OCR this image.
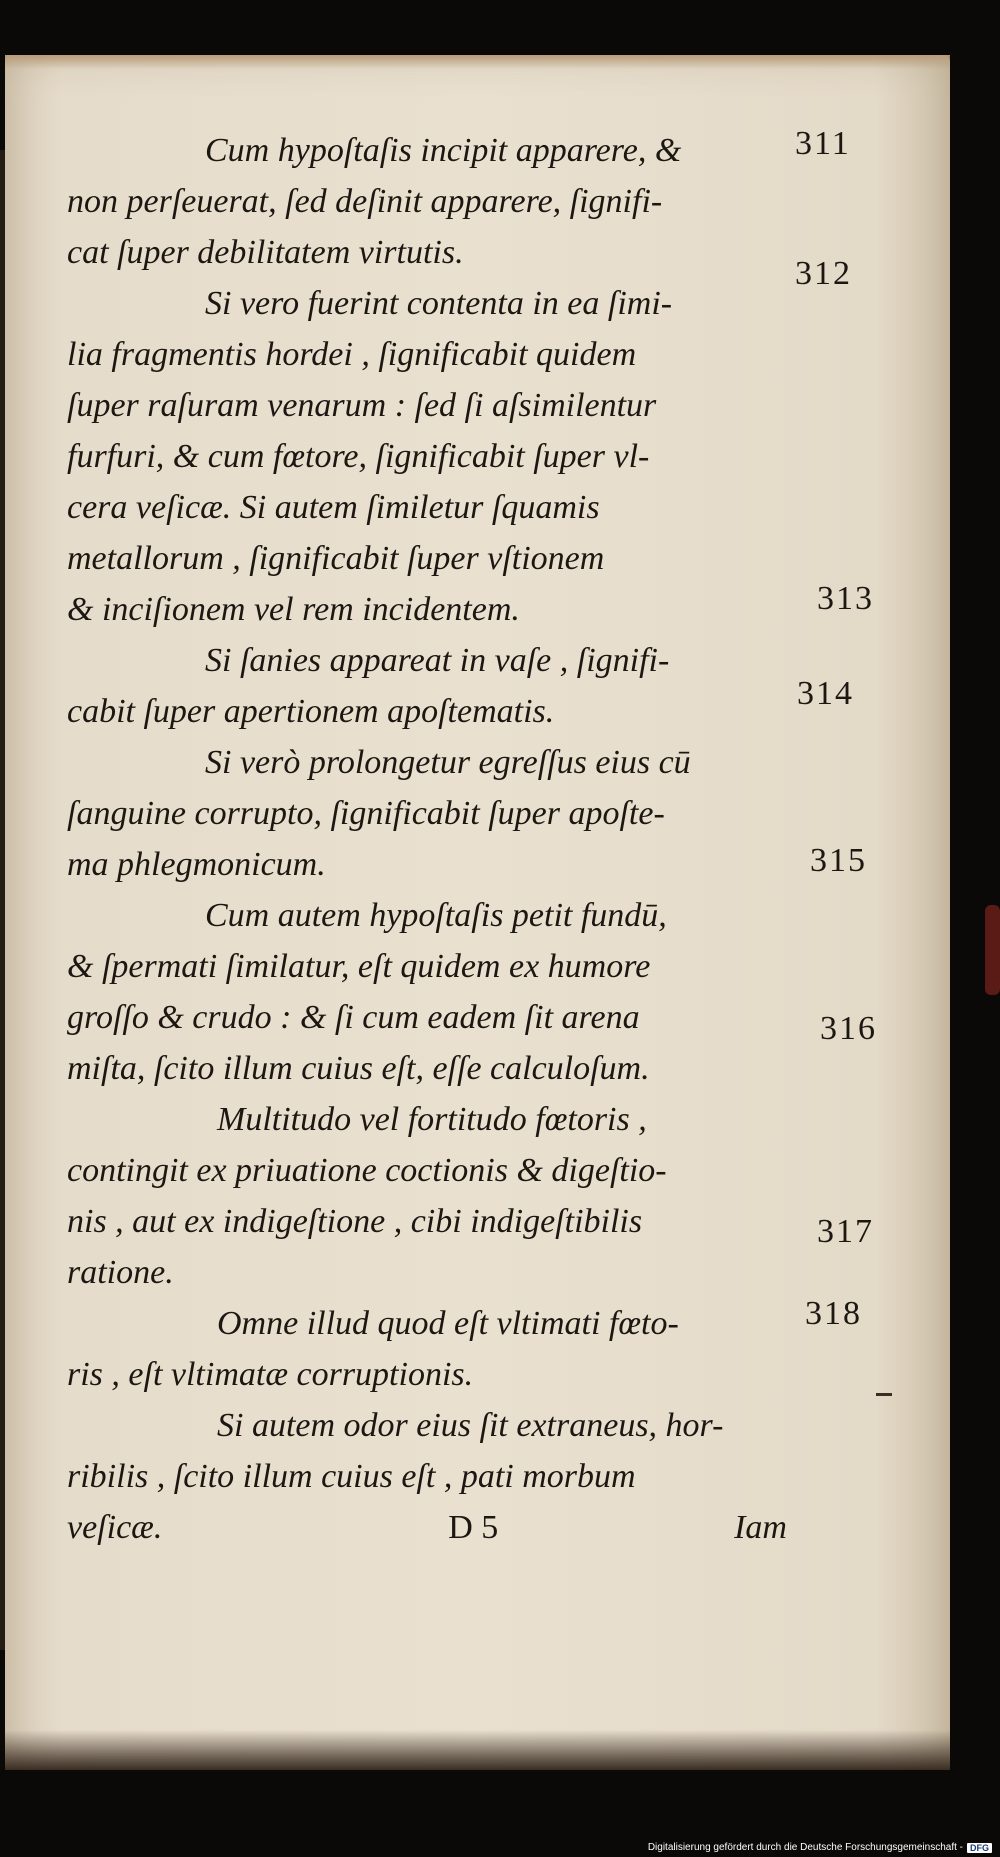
Cum hypoſtaſis incipit apparere, &
non perſeuerat, ſed deſinit apparere, ſignifi-
cat ſuper debilitatem virtutis.
Si vero fuerint contenta in ea ſimi-
lia fragmentis hordei , ſignificabit quidem
ſuper raſuram venarum : ſed ſi aſsimilentur
furfuri, & cum fœtore, ſignificabit ſuper vl-
cera veſicæ. Si autem ſimiletur ſquamis
metallorum , ſignificabit ſuper vſtionem
& inciſionem vel rem incidentem.
Si ſanies appareat in vaſe , ſignifi-
cabit ſuper apertionem apoſtematis.
Si verò prolongetur egreſſus eius cū
ſanguine corrupto, ſignificabit ſuper apoſte-
ma phlegmonicum.
Cum autem hypoſtaſis petit fundū,
& ſpermati ſimilatur, eſt quidem ex humore
groſſo & crudo : & ſi cum eadem ſit arena
miſta, ſcito illum cuius eſt, eſſe calculoſum.
Multitudo vel fortitudo fœtoris ,
contingit ex priuatione coctionis & digeſtio-
nis , aut ex indigeſtione , cibi indigeſtibilis
ratione.
Omne illud quod eſt vltimati fœto-
ris , eſt vltimatæ corruptionis.
Si autem odor eius ſit extraneus, hor-
ribilis , ſcito illum cuius eſt , pati morbum
veſicæ.	D 5	Iam
311
312
313
314
315
316
317
318
Digitalisierung gefördert durch die Deutsche Forschungsgemeinschaft - DFG
